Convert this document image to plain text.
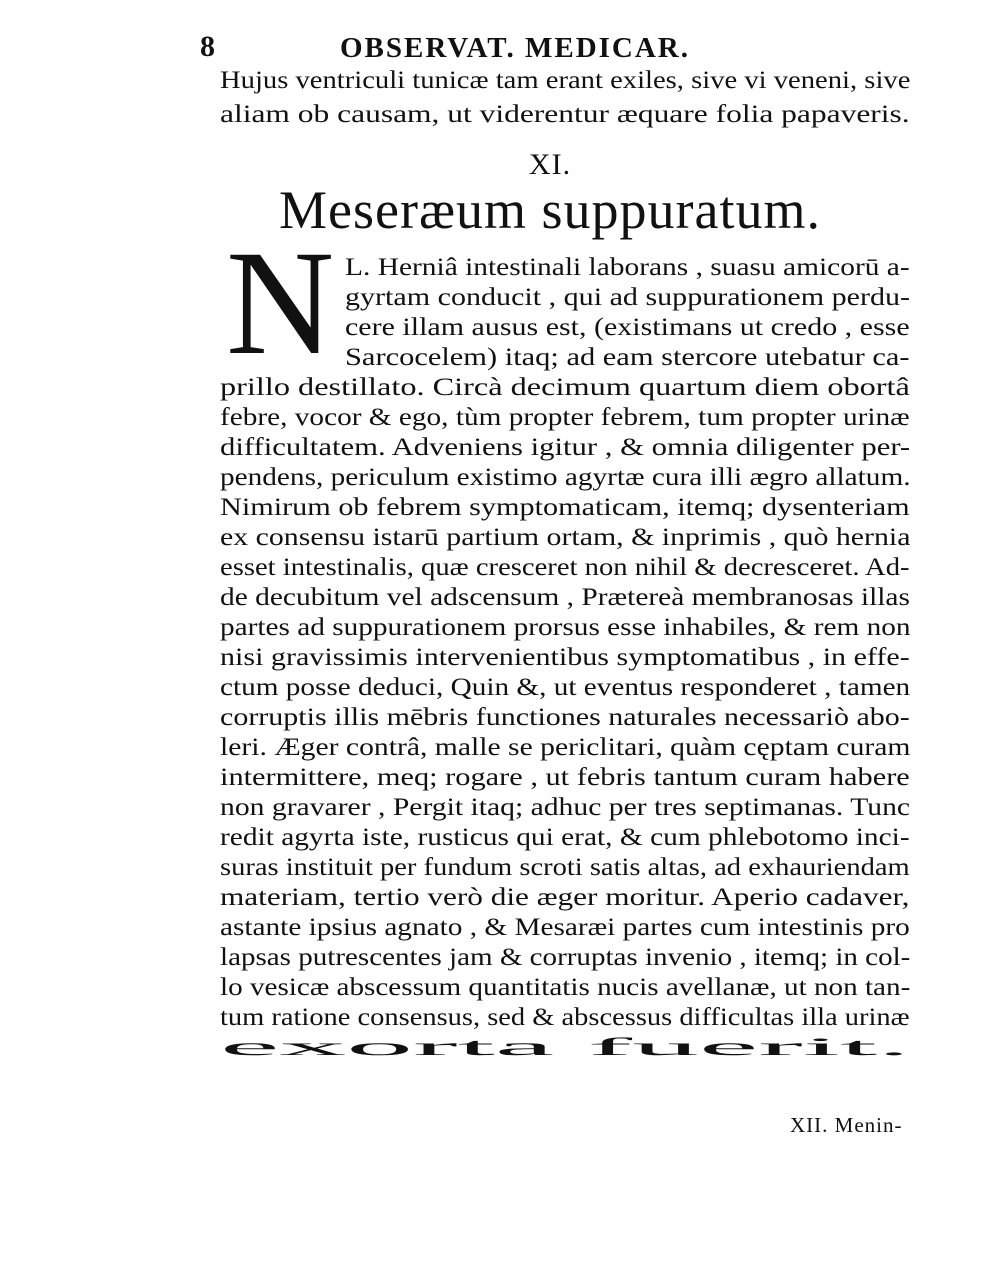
8	OBSERVAT. MEDICAR.
Hujus ventriculi tunicæ tam erant exiles, sive vi veneni, sive
aliam ob causam, ut viderentur æquare folia papaveris.
XI.
Meseræum suppuratum.
N L. Herniâ intestinali laborans , suasu amicorū a-
gyrtam conducit , qui ad suppurationem perdu-
cere illam ausus est, (existimans ut credo , esse
Sarcocelem) itaq; ad eam stercore utebatur ca-
prillo destillato. Circà decimum quartum diem obortâ
febre, vocor & ego, tùm propter febrem, tum propter urinæ
difficultatem. Adveniens igitur , & omnia diligenter per-
pendens, periculum existimo agyrtæ cura illi ægro allatum.
Nimirum ob febrem symptomaticam, itemq; dysenteriam
ex consensu istarū partium ortam, & inprimis , quò hernia
esset intestinalis, quæ cresceret non nihil & decresceret. Ad-
de decubitum vel adscensum , Prætereà membranosas illas
partes ad suppurationem prorsus esse inhabiles, & rem non
nisi gravissimis intervenientibus symptomatibus , in effe-
ctum posse deduci, Quin &, ut eventus responderet , tamen
corruptis illis mēbris functiones naturales necessariò abo-
leri. Æger contrâ, malle se periclitari, quàm cęptam curam
intermittere, meq; rogare , ut febris tantum curam habere
non gravarer , Pergit itaq; adhuc per tres septimanas. Tunc
redit agyrta iste, rusticus qui erat, & cum phlebotomo inci-
suras instituit per fundum scroti satis altas, ad exhauriendam
materiam, tertio verò die æger moritur. Aperio cadaver,
astante ipsius agnato , & Mesaræi partes cum intestinis pro
lapsas putrescentes jam & corruptas invenio , itemq; in col-
lo vesicæ abscessum quantitatis nucis avellanæ, ut non tan-
tum ratione consensus, sed & abscessus difficultas illa urinæ
exorta fuerit.
XII. Menin-
